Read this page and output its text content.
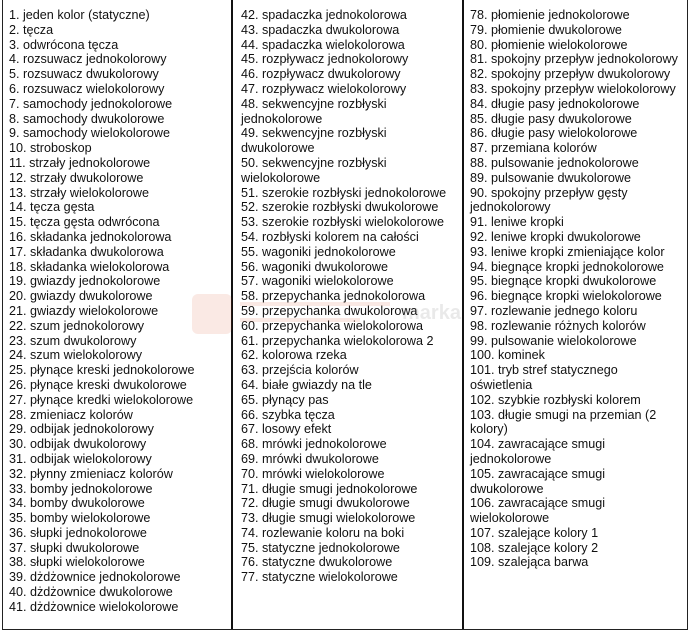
1. jeden kolor (statyczne)
2. tęcza
3. odwrócona tęcza
4. rozsuwacz jednokolorowy
5. rozsuwacz dwukolorowy
6. rozsuwacz wielokolorowy
7. samochody jednokolorowe
8. samochody dwukolorowe
9. samochody wielokolorowe
10. stroboskop
11. strzały jednokolorowe
12. strzały dwukolorowe
13. strzały wielokolorowe
14. tęcza gęsta
15. tęcza gęsta odwrócona
16. składanka jednokolorowa
17. składanka dwukolorowa
18. składanka wielokolorowa
19. gwiazdy jednokolorowe
20. gwiazdy dwukolorowe
21. gwiazdy wielokolorowe
22. szum jednokolorowy
23. szum dwukolorowy
24. szum wielokolorowy
25. płynące kreski jednokolorowe
26. płynące kreski dwukolorowe
27. płynące kredki wielokolorowe
28. zmieniacz kolorów
29. odbijak jednokolorowy
30. odbijak dwukolorowy
31. odbijak wielokolorowy
32. płynny zmieniacz kolorów
33. bomby jednokolorowe
34. bomby dwukolorowe
35. bomby wielokolorowe
36. słupki jednokolorowe
37. słupki dwukolorowe
38. słupki wielokolorowe
39. dżdżownice jednokolorowe
40. dżdżownice dwukolorowe
41. dżdżownice wielokolorowe
42. spadaczka jednokolorowa
43. spadaczka dwukolorowa
44. spadaczka wielokolorowa
45. rozpływacz jednokolorowy
46. rozpływacz dwukolorowy
47. rozpływacz wielokolorowy
48. sekwencyjne rozbłyski jednokolorowe
49. sekwencyjne rozbłyski dwukolorowe
50. sekwencyjne rozbłyski wielokolorowe
51. szerokie rozbłyski jednokolorowe
52. szerokie rozbłyski dwukolorowe
53. szerokie rozbłyski wielokolorowe
54. rozbłyski kolorem na całości
55. wagoniki jednokolorowe
56. wagoniki dwukolorowe
57. wagoniki wielokolorowe
58. przepychanka jednokolorowa
59. przepychanka dwukolorowa
60. przepychanka wielokolorowa
61. przepychanka wielokolorowa 2
62. kolorowa rzeka
63. przejścia kolorów
64. białe gwiazdy na tle
65. płynący pas
66. szybka tęcza
67. losowy efekt
68. mrówki jednokolorowe
69. mrówki dwukolorowe
70. mrówki wielokolorowe
71. długie smugi jednokolorowe
72. długie smugi dwukolorowe
73. długie smugi wielokolorowe
74. rozlewanie koloru na boki
75. statyczne jednokolorowe
76. statyczne dwukolorowe
77. statyczne wielokolorowe
78. płomienie jednokolorowe
79. płomienie dwukolorowe
80. płomienie wielokolorowe
81. spokojny przepływ jednokolorowy
82. spokojny przepływ dwukolorowy
83. spokojny przepływ wielokolorowy
84. długie pasy jednokolorowe
85. długie pasy dwukolorowe
86. długie pasy wielokolorowe
87. przemiana kolorów
88. pulsowanie jednokolorowe
89. pulsowanie dwukolorowe
90. spokojny przepływ gęsty jednokolorowy
91. leniwe kropki
92. leniwe kropki dwukolorowe
93. leniwe kropki zmieniające kolor
94. biegnące kropki jednokolorowe
95. biegnące kropki dwukolorowe
96. biegnące kropki wielokolorowe
97. rozlewanie jednego koloru
98. rozlewanie różnych kolorów
99. pulsowanie wielokolorowe
100. kominek
101. tryb stref statycznego oświetlenia
102. szybkie rozbłyski kolorem
103. długie smugi na przemian (2 kolory)
104. zawracające smugi jednokolorowe
105. zawracające smugi dwukolorowe
106. zawracające smugi wielokolorowe
107. szalejące kolory 1
108. szalejące kolory 2
109. szalejąca barwa
marka
